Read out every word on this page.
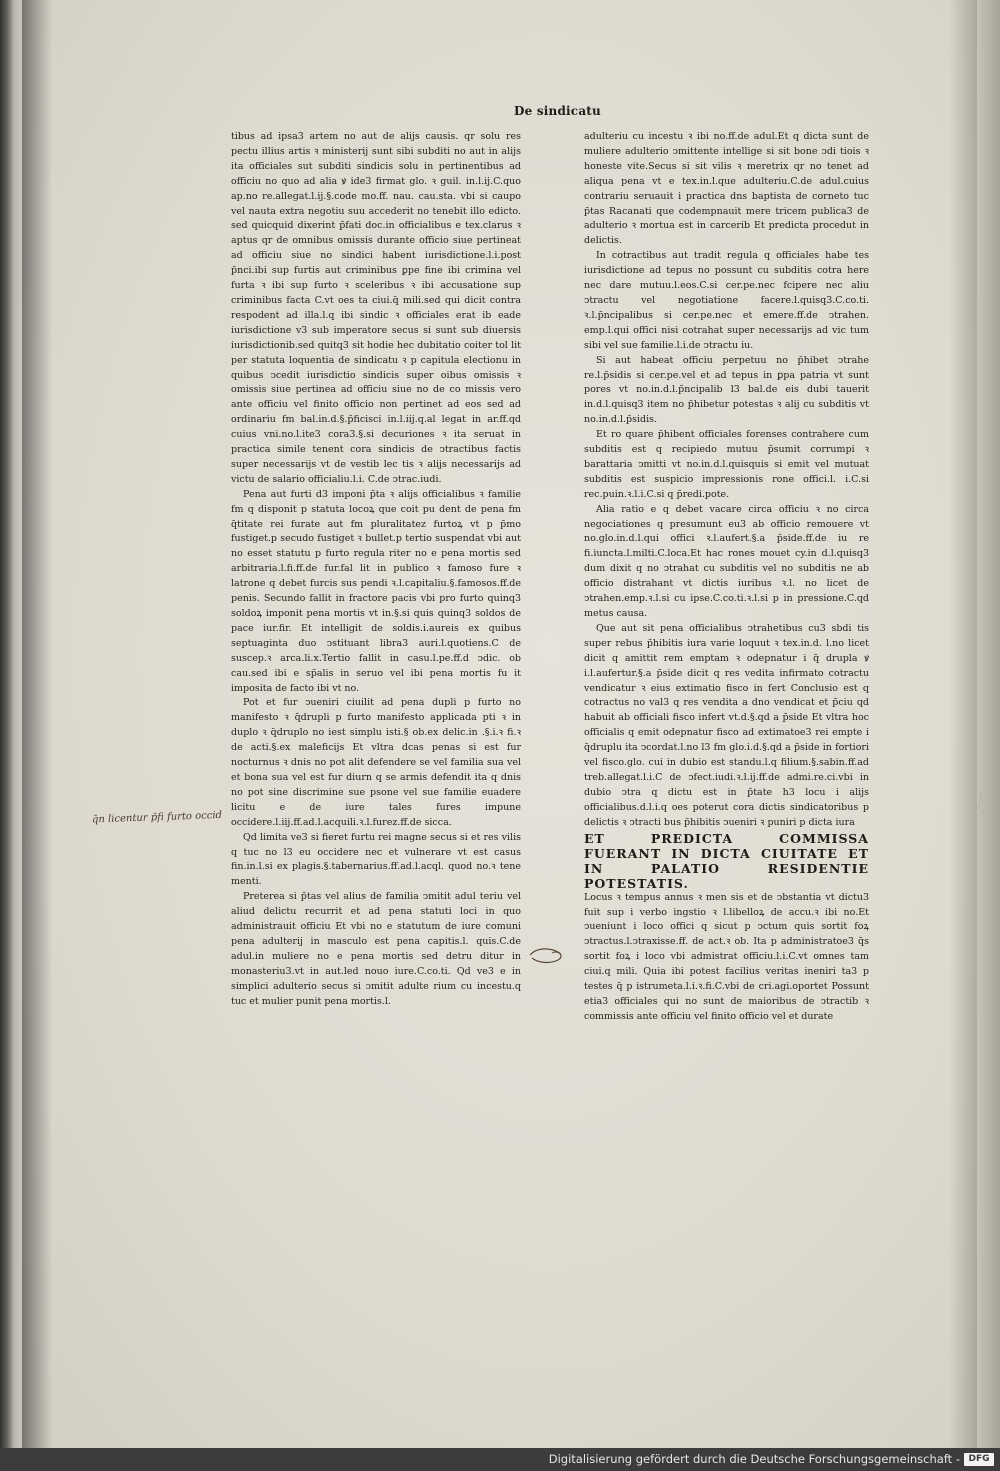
De sindicatu

tibus ad ipsa3 artem no aut de alijs causis. qr solu res pectu illius artis ꝛ ministerij sunt sibi subditi no aut in alijs ita officiales sut subditi sindicis solu in pertinentibus ad officiu no quo ad alia ꝟ ide3 firmat glo. ꝛ guil. in.l.ij.C.quo ap.no re.allegat.l.ij.§.code mo.ff. nau. cau.sta. vbi si caupo vel nauta extra negotiu suu accederit no tenebit illo edicto. sed quicquid dixerint p̄fati doc.in officialibus e tex.clarus ꝛ aptus qr de omnibus omissis durante officio siue pertineat ad officiu siue no sindici habent iurisdictione.l.i.post p̄nci.ibi sup furtis aut criminibus ꝑpe fine ibi crimina vel furta ꝛ ibi sup furto ꝛ sceleribus ꝛ ibi accusatione sup criminibus facta C.vt oes ta ciui.q̄ mili.sed qui dicit contra respodent ad illa.l.q ibi sindic ꝛ officiales erat ib eade iurisdictione v3 sub imperatore secus si sunt sub diuersis iurisdictionib.sed quitq3 sit hodie hec dubitatio coiter tol lit per statuta loquentia de sindicatu ꝛ p capitula electionu in quibus ↄcedit iurisdictio sindicis super oibus omissis ꝛ omissis siue pertinea ad officiu siue no de co missis vero ante officiu vel finito officio non pertinet ad eos sed ad ordinariu fm bal.in.d.§.p̄ficisci in.l.iij.q.al legat in ar.ff.qd cuius vni.no.l.ite3 cora3.§.si decuriones ꝛ ita seruat in practica simile tenent cora sindicis de ↄtractibus factis super necessarijs vt de vestib lec tis ꝛ alijs necessarijs ad victu de salario officialiu.l.i. C.de ↄtrac.iudi.

Pena aut furti d3 imponi p̄ta ꝛ alijs officialibus ꝛ familie fm q disponit p statuta locoꝝ que coit pu dent de pena fm q̄titate rei furate aut fm pluralitatez furtoꝝ vt p p̄mo fustiget.p secudo fustiget ꝛ bullet.p tertio suspendat vbi aut no esset statutu p furto regula riter no e pena mortis sed arbitraria.l.fi.ff.de fur.fal lit in publico ꝛ famoso fure ꝛ latrone q debet furcis sus pendi ꝛ.l.capitaliu.§.famosos.ff.de penis. Secundo fallit in fractore pacis vbi pro furto quinq3 soldoꝝ imponit pena mortis vt in.§.si quis quinq3 soldos de pace iur.fir. Et intelligit de soldis.i.aureis ex quibus septuaginta duo ↄstituant libra3 auri.l.quotiens.C de suscep.ꝛ arca.li.x.Tertio fallit in casu.l.pe.ff.d ↄdic. ob cau.sed ibi e sp̄alis in seruo vel ibi pena mortis fu it imposita de facto ibi vt no.

Pot et fur ↄueniri ciuilit ad pena dupli p furto no manifesto ꝛ q̄drupli p furto manifesto applicada pti ꝛ in duplo ꝛ q̄druplo no iest simplu isti.§ ob.ex delic.in .§.i.ꝛ fi.ꝛ de acti.§.ex maleficijs Et vltra dcas penas si est fur nocturnus ꝛ dnis no pot alit defendere se vel familia sua vel et bona sua vel est fur diurn q se armis defendit ita q dnis no pot sine discrimine sue psone vel sue familie euadere licitu e de iure tales fures impune occidere.l.iij.ff.ad.l.acquili.ꝛ.l.furez.ff.de sicca.

Qd limita ve3 si fieret furtu rei magne secus si et res vilis q tuc no l3 eu occidere nec et vulnerare vt est casus fin.in.l.si ex plagis.§.tabernarius.ff.ad.l.acql. quod no.ꝛ tene menti.

Preterea si p̄tas vel alius de familia ↄmitit adul teriu vel aliud delictu recurrit et ad pena statuti loci in quo administrauit officiu Et vbi no e statutum de iure comuni pena adulterij in masculo est pena capitis.l. quis.C.de adul.in muliere no e pena mortis sed detru ditur in monasteriu3.vt in aut.led nouo iure.C.co.ti. Qd ve3 e in simplici adulterio secus si ↄmitit adulte rium cu incestu.q tuc et mulier punit pena mortis.l.

adulteriu cu incestu ꝛ ibi no.ff.de adul.Et q dicta sunt de muliere adulterio ↄmittente intellige si sit bone ↄdi tiois ꝛ honeste vite.Secus si sit vilis ꝛ meretrix qr no tenet ad aliqua pena vt e tex.in.l.que adulteriu.C.de adul.cuius contrariu seruauit i practica dns baptista de corneto tuc p̄tas Racanati que codempnauit mere tricem publica3 de adulterio ꝛ mortua est in carcerib Et predicta procedut in delictis.

In cotractibus aut tradit regula q officiales habe tes iurisdictione ad tepus no possunt cu subditis cotra here nec dare mutuu.l.eos.C.si cer.pe.nec fcipere nec aliu ↄtractu vel negotiatione facere.l.quisq3.C.co.ti. ꝛ.l.p̄ncipalibus si cer.pe.nec et emere.ff.de ↄtrahen. emp.l.qui offici nisi cotrahat super necessarijs ad vic tum sibi vel sue familie.l.i.de ↄtractu iu.

Si aut habeat officiu perpetuu no p̄hibet ↄtrahe re.l.p̄sidis si cer.pe.vel et ad tepus in ꝑpa patria vt sunt pores vt no.in.d.l.p̄ncipalib l3 bal.de eis dubi tauerit in.d.l.quisq3 item no p̄hibetur potestas ꝛ alij cu subditis vt no.in.d.l.p̄sidis.

Et ro quare p̄hibent officiales forenses contrahere cum subditis est q recipiedo mutuu p̄sumit corrumpi ꝛ barattaria ↄmitti vt no.in.d.l.quisquis si emit vel mutuat subditis est suspicio impressionis rone offici.l. i.C.si rec.puin.ꝛ.l.i.C.si q p̄redi.pote.

Alia ratio e q debet vacare circa officiu ꝛ no circa negociationes q presumunt eu3 ab officio remouere vt no.glo.in.d.l.qui offici ꝛ.l.aufert.§.a p̄side.ff.de iu re fi.iuncta.l.milti.C.loca.Et hac rones mouet cy.in d.l.quisq3 dum dixit q no ↄtrahat cu subditis vel no subditis ne ab officio distrahant vt dictis iuribus ꝛ.l. no licet de ↄtrahen.emp.ꝛ.l.si cu ipse.C.co.ti.ꝛ.l.si p in pressione.C.qd metus causa.

Que aut sit pena officialibus ↄtrahetibus cu3 sbdi tis super rebus p̄hibitis iura varie loquut ꝛ tex.in.d. l.no licet dicit q amittit rem emptam ꝛ odepnatur i q̄ drupla ꝟ i.l.aufertur.§.a p̄side dicit q res vedita infirmato cotractu vendicatur ꝛ eius extimatio fisco in fert Conclusio est q cotractus no val3 q res vendita a dno vendicat et p̄ciu qd habuit ab officiali fisco infert vt.d.§.qd a p̄side Et vltra hoc officialis q emit odepnatur fisco ad extimatoe3 rei empte i q̄druplu ita ↄcordat.l.no l3 fm glo.i.d.§.qd a p̄side in fortiori vel fisco.glo. cui in dubio est standu.l.q filium.§.sabin.ff.ad treb.allegat.l.i.C de ↄfect.iudi.ꝛ.l.ij.ff.de admi.re.ci.vbi in dubio ↄtra q dictu est in p̄tate h3 locu i alijs officialibus.d.l.i.q oes poterut cora dictis sindicatoribus p delictis ꝛ ↄtracti bus p̄hibitis ↄueniri ꝛ puniri p dicta iura

ET PREDICTA COMMISSA FUERANT IN DICTA CIUITATE ET IN PALATIO RESIDENTIE POTESTATIS.

Locus ꝛ tempus annus ꝛ men sis et de ↄbstantia vt dictu3 fuit sup i verbo ingstio ꝛ l.libelloꝝ de accu.ꝛ ibi no.Et ↄueniunt i loco offici q sicut p ↄctum quis sortit foꝝ ↄtractus.l.ↄtraxisse.ff. de act.ꝛ ob. Ita p administratoe3 q̄s sortit foꝝ i loco vbi admistrat officiu.l.i.C.vt omnes tam ciui.q mili. Quia ibi potest facilius veritas ineniri ta3 p testes q̄ p istrumeta.l.i.ꝛ.fi.C.vbi de cri.agi.oportet Possunt etia3 officiales qui no sunt de maioribus de ↄtractib ꝛ commissis ante officiu vel finito officio vel et durate

q̄n licentur p̄fi furto occid
Digitalisierung gefördert durch die Deutsche Forschungsgemeinschaft - DFG
